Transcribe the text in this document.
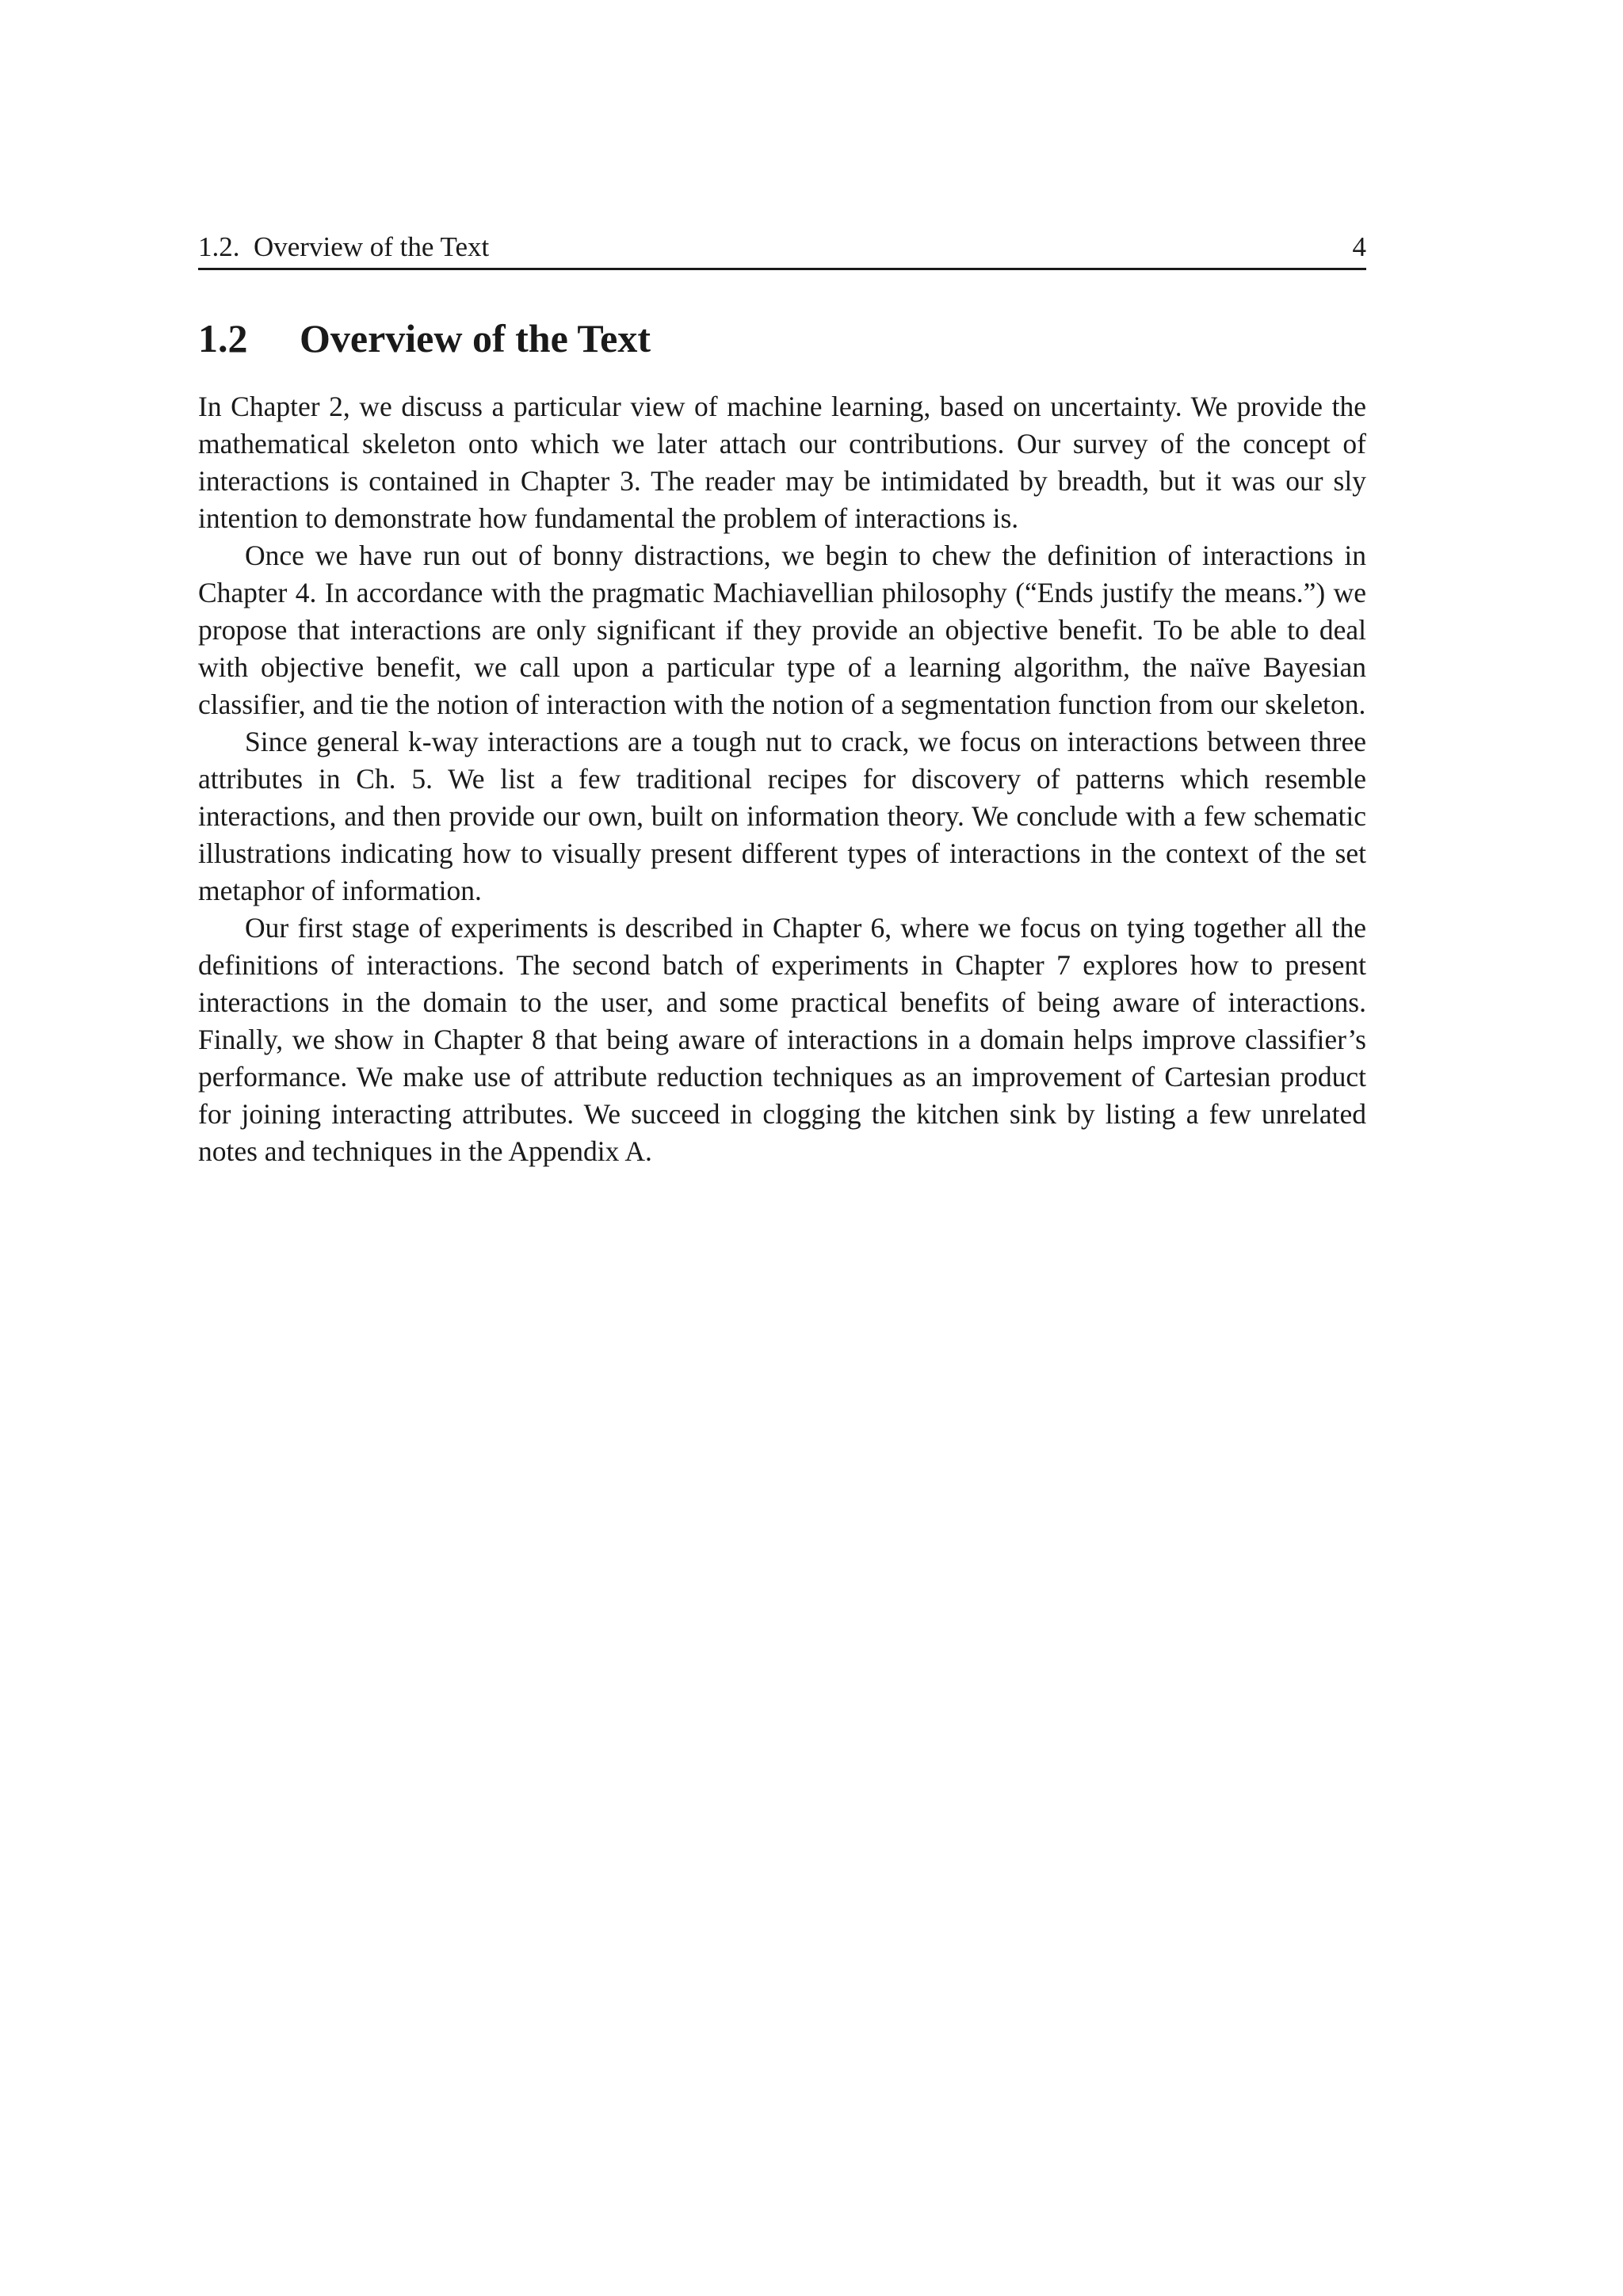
1.2.  Overview of the Text	4
1.2 Overview of the Text

In Chapter 2, we discuss a particular view of machine learning, based on uncertainty. We provide the mathematical skeleton onto which we later attach our contributions. Our survey of the concept of interactions is contained in Chapter 3. The reader may be intimidated by breadth, but it was our sly intention to demonstrate how fundamental the problem of interactions is.

Once we have run out of bonny distractions, we begin to chew the definition of interactions in Chapter 4. In accordance with the pragmatic Machiavellian philosophy (“Ends justify the means.”) we propose that interactions are only significant if they provide an objective benefit. To be able to deal with objective benefit, we call upon a particular type of a learning algorithm, the naïve Bayesian classifier, and tie the notion of interaction with the notion of a segmentation function from our skeleton.

Since general k-way interactions are a tough nut to crack, we focus on interactions between three attributes in Ch. 5. We list a few traditional recipes for discovery of patterns which resemble interactions, and then provide our own, built on information theory. We conclude with a few schematic illustrations indicating how to visually present different types of interactions in the context of the set metaphor of information.

Our first stage of experiments is described in Chapter 6, where we focus on tying together all the definitions of interactions. The second batch of experiments in Chapter 7 explores how to present interactions in the domain to the user, and some practical benefits of being aware of interactions. Finally, we show in Chapter 8 that being aware of interactions in a domain helps improve classifier’s performance. We make use of attribute reduction techniques as an improvement of Cartesian product for joining interacting attributes. We succeed in clogging the kitchen sink by listing a few unrelated notes and techniques in the Appendix A.
